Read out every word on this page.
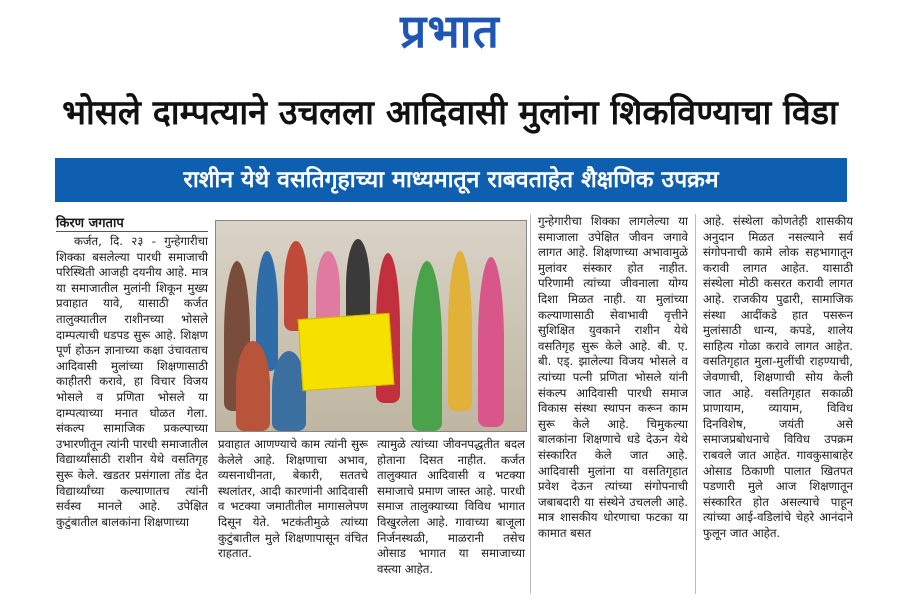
प्रभात
भोसले दाम्पत्याने उचलला आदिवासी मुलांना शिकविण्याचा विडा
राशीन येथे वसतिगृहाच्या माध्यमातून राबवताहेत शैक्षणिक उपक्रम
किरण जगताप

कर्जत, दि. २३ - गुन्हेगारीचा शिक्का बसलेल्या पारधी समाजाची परिस्थिती आजही दयनीय आहे. मात्र या समाजातील मुलांनी शिकून मुख्य प्रवाहात यावे, यासाठी कर्जत तालुक्यातील राशीनच्या भोसले दाम्पत्याची धडपड सुरू आहे. शिक्षण पूर्ण होऊन ज्ञानाच्या कक्षा उंचावताच आदिवासी मुलांच्या शिक्षणासाठी काहीतरी करावे, हा विचार विजय भोसले व प्रणिता भोसले या दाम्पत्याच्या मनात घोळत गेला. संकल्प सामाजिक प्रकल्पाच्या उभारणीतून त्यांनी पारधी समाजातील विद्यार्थ्यांसाठी राशीन येथे वसतिगृह सुरू केले. खडतर प्रसंगाला तोंड देत विद्यार्थ्यांच्या कल्याणातच त्यांनी सर्वस्व मानले आहे. उपेक्षित कुटुंबातील बालकांना शिक्षणाच्या

प्रवाहात आणण्याचे काम त्यांनी सुरू केलेले आहे. शिक्षणाचा अभाव, व्यसनाधीनता, बेकारी, सततचे स्थलांतर, आदी कारणांनी आदिवासी व भटक्या जमातीतील मागासलेपण दिसून येते. भटकंतीमुळे त्यांच्या कुटुंबातील मुले शिक्षणापासून वंचित राहतात.

त्यामुळे त्यांच्या जीवनपद्धतीत बदल होताना दिसत नाहीत. कर्जत तालुक्यात आदिवासी व भटक्या समाजाचे प्रमाण जास्त आहे. पारधी समाज तालुक्याच्या विविध भागात विखुरलेला आहे. गावाच्या बाजूला निर्जनस्थळी, माळरानी तसेच ओसाड भागात या समाजाच्या वस्त्या आहेत.

गुन्हेगारीचा शिक्का लागलेल्या या समाजाला उपेक्षित जीवन जगावे लागत आहे. शिक्षणाच्या अभावामुळे मुलांवर संस्कार होत नाहीत. परिणामी त्यांच्या जीवनाला योग्य दिशा मिळत नाही. या मुलांच्या कल्याणासाठी सेवाभावी वृत्तीने सुशिक्षित युवकाने राशीन येथे वसतिगृह सुरू केले आहे. बी. ए. बी. एड्. झालेल्या विजय भोसले व त्यांच्या पत्नी प्रणिता भोसले यांनी संकल्प आदिवासी पारधी समाज विकास संस्था स्थापन करून काम सुरू केले आहे. चिमुकल्या बालकांना शिक्षणाचे धडे देऊन येथे संस्कारित केले जात आहे. आदिवासी मुलांना या वसतिगृहात प्रवेश देऊन त्यांच्या संगोपनाची जबाबदारी या संस्थेने उचलली आहे. मात्र शासकीय धोरणाचा फटका या कामात बसत

आहे. संस्थेला कोणतेही शासकीय अनुदान मिळत नसल्याने सर्व संगोपनाची कामे लोक सहभागातून करावी लागत आहेत. यासाठी संस्थेला मोठी कसरत करावी लागत आहे. राजकीय पुढारी, सामाजिक संस्था आदींकडे हात पसरून मुलांसाठी धान्य, कपडे, शालेय साहित्य गोळा करावे लागत आहेत. वसतिगृहात मुला-मुलींची राहण्याची, जेवणाची, शिक्षणाची सोय केली जात आहे. वसतिगृहात सकाळी प्राणायाम, व्यायाम, विविध दिनविशेष, जयंती असे समाजप्रबोधनाचे विविध उपक्रम राबवले जात आहेत. गावकुसाबाहेर ओसाड ठिकाणी पालात खितपत पडणारी मुले आज शिक्षणातून संस्कारित होत असल्याचे पाहून त्यांच्या आई-वडिलांचे चेहरे आनंदाने फुलून जात आहेत.
